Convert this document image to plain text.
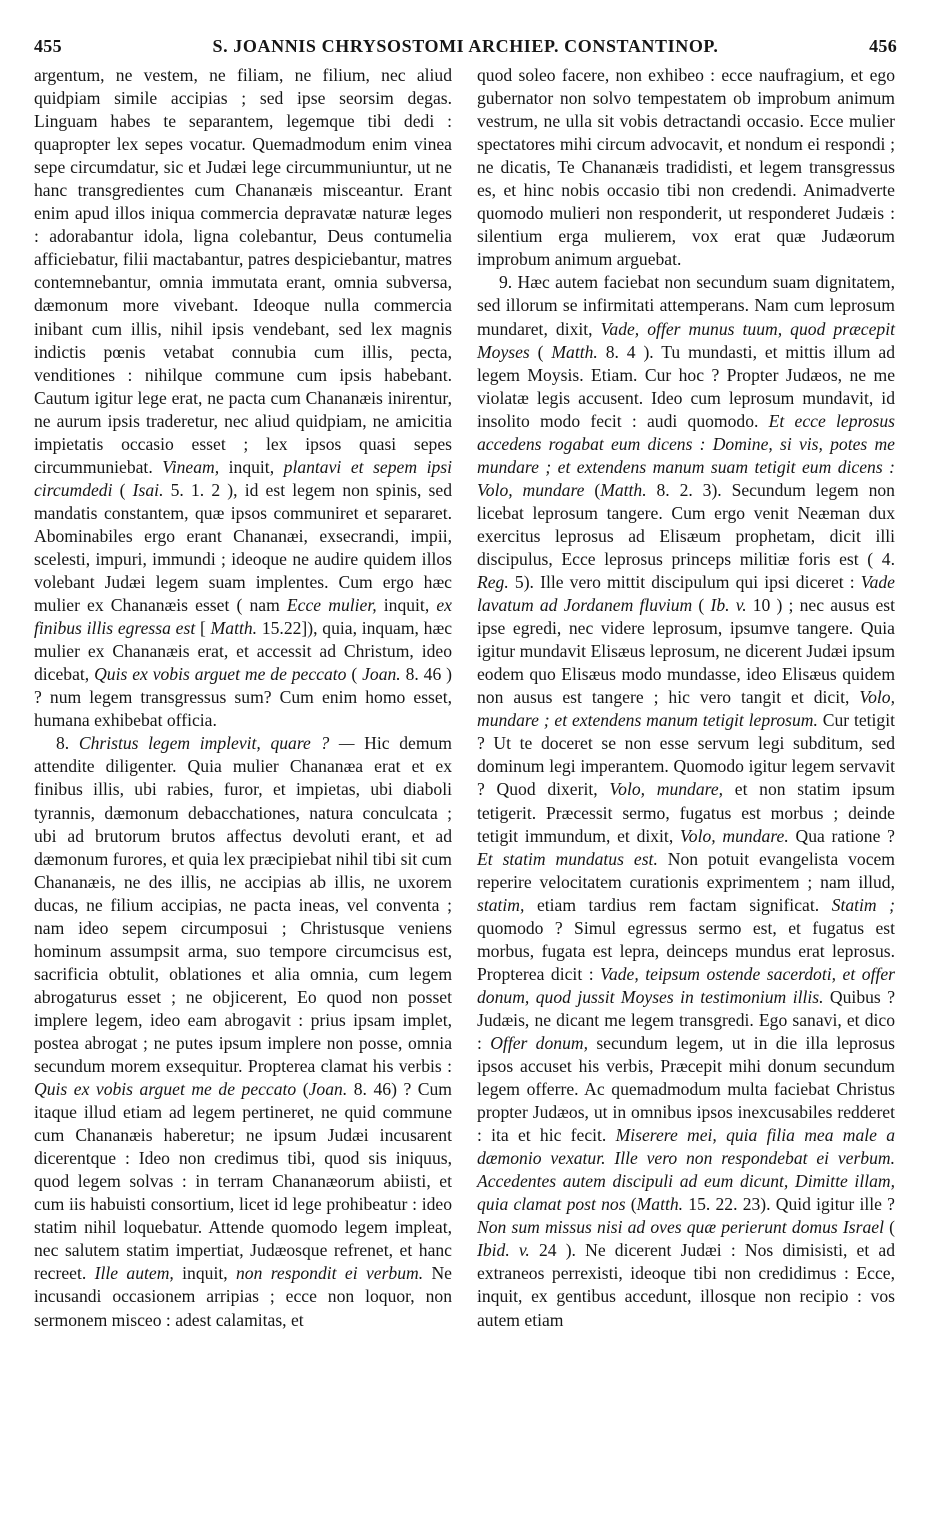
455	S. JOANNIS CHRYSOSTOMI ARCHIEP. CONSTANTINOP.	456

argentum, ne vestem, ne filiam, ne filium, nec aliud quidpiam simile accipias ; sed ipse seorsim degas. Linguam habes te separantem, legemque tibi dedi : quapropter lex sepes vocatur. Quemadmodum enim vinea sepe circumdatur, sic et Judæi lege circummuniuntur, ut ne hanc transgredientes cum Chananæis misceantur. Erant enim apud illos iniqua commercia depravatæ naturæ leges : adorabantur idola, ligna colebantur, Deus contumelia afficiebatur, filii mactabantur, patres despiciebantur, matres contemnebantur, omnia immutata erant, omnia subversa, dæmonum more vivebant. Ideoque nulla commercia inibant cum illis, nihil ipsis vendebant, sed lex magnis indictis pœnis vetabat connubia cum illis, pecta, venditiones : nihilque commune cum ipsis habebant. Cautum igitur lege erat, ne pacta cum Chananæis inirentur, ne aurum ipsis traderetur, nec aliud quidpiam, ne amicitia impietatis occasio esset ; lex ipsos quasi sepes circummuniebat. Vineam, inquit, plantavi et sepem ipsi circumdedi ( Isai. 5. 1. 2 ), id est legem non spinis, sed mandatis constantem, quæ ipsos communiret et separaret. Abominabiles ergo erant Chananæi, exsecrandi, impii, scelesti, impuri, immundi ; ideoque ne audire quidem illos volebant Judæi legem suam implentes. Cum ergo hæc mulier ex Chananæis esset ( nam Ecce mulier, inquit, ex finibus illis egressa est [ Matth. 15.22]), quia, inquam, hæc mulier ex Chananæis erat, et accessit ad Christum, ideo dicebat, Quis ex vobis arguet me de peccato ( Joan. 8. 46 ) ? num legem transgressus sum? Cum enim homo esset, humana exhibebat officia.

8. Christus legem implevit, quare ? — Hic demum attendite diligenter. Quia mulier Chananæa erat et ex finibus illis, ubi rabies, furor, et impietas, ubi diaboli tyrannis, dæmonum debacchationes, natura conculcata ; ubi ad brutorum brutos affectus devoluti erant, et ad dæmonum furores, et quia lex præcipiebat nihil tibi sit cum Chananæis, ne des illis, ne accipias ab illis, ne uxorem ducas, ne filium accipias, ne pacta ineas, vel conventa ; nam ideo sepem circumposui ; Christusque veniens hominum assumpsit arma, suo tempore circumcisus est, sacrificia obtulit, oblationes et alia omnia, cum legem abrogaturus esset ; ne objicerent, Eo quod non posset implere legem, ideo eam abrogavit : prius ipsam implet, postea abrogat ; ne putes ipsum implere non posse, omnia secundum morem exsequitur. Propterea clamat his verbis : Quis ex vobis arguet me de peccato (Joan. 8. 46) ? Cum itaque illud etiam ad legem pertineret, ne quid commune cum Chananæis haberetur; ne ipsum Judæi incusarent dicerentque : Ideo non credimus tibi, quod sis iniquus, quod legem solvas : in terram Chananæorum abiisti, et cum iis habuisti consortium, licet id lege prohibeatur : ideo statim nihil loquebatur. Attende quomodo legem impleat, nec salutem statim impertiat, Judæosque refrenet, et hanc recreet. Ille autem, inquit, non respondit ei verbum. Ne incusandi occasionem arripias ; ecce non loquor, non sermonem misceo : adest calamitas, et

quod soleo facere, non exhibeo : ecce naufragium, et ego gubernator non solvo tempestatem ob improbum animum vestrum, ne ulla sit vobis detractandi occasio. Ecce mulier spectatores mihi circum advocavit, et nondum ei respondi ; ne dicatis, Te Chananæis tradidisti, et legem transgressus es, et hinc nobis occasio tibi non credendi. Animadverte quomodo mulieri non responderit, ut responderet Judæis : silentium erga mulierem, vox erat quæ Judæorum improbum animum arguebat.

9. Hæc autem faciebat non secundum suam dignitatem, sed illorum se infirmitati attemperans. Nam cum leprosum mundaret, dixit, Vade, offer munus tuum, quod præcepit Moyses ( Matth. 8. 4 ). Tu mundasti, et mittis illum ad legem Moysis. Etiam. Cur hoc ? Propter Judæos, ne me violatæ legis accusent. Ideo cum leprosum mundavit, id insolito modo fecit : audi quomodo. Et ecce leprosus accedens rogabat eum dicens : Domine, si vis, potes me mundare ; et extendens manum suam tetigit eum dicens : Volo, mundare (Matth. 8. 2. 3). Secundum legem non licebat leprosum tangere. Cum ergo venit Neæman dux exercitus leprosus ad Elisæum prophetam, dicit illi discipulus, Ecce leprosus princeps militiæ foris est ( 4. Reg. 5). Ille vero mittit discipulum qui ipsi diceret : Vade lavatum ad Jordanem fluvium ( Ib. v. 10 ) ; nec ausus est ipse egredi, nec videre leprosum, ipsumve tangere. Quia igitur mundavit Elisæus leprosum, ne dicerent Judæi ipsum eodem quo Elisæus modo mundasse, ideo Elisæus quidem non ausus est tangere ; hic vero tangit et dicit, Volo, mundare ; et extendens manum tetigit leprosum. Cur tetigit ? Ut te doceret se non esse servum legi subditum, sed dominum legi imperantem. Quomodo igitur legem servavit ? Quod dixerit, Volo, mundare, et non statim ipsum tetigerit. Præcessit sermo, fugatus est morbus ; deinde tetigit immundum, et dixit, Volo, mundare. Qua ratione ? Et statim mundatus est. Non potuit evangelista vocem reperire velocitatem curationis exprimentem ; nam illud, statim, etiam tardius rem factam significat. Statim ; quomodo ? Simul egressus sermo est, et fugatus est morbus, fugata est lepra, deinceps mundus erat leprosus. Propterea dicit : Vade, teipsum ostende sacerdoti, et offer donum, quod jussit Moyses in testimonium illis. Quibus ? Judæis, ne dicant me legem transgredi. Ego sanavi, et dico : Offer donum, secundum legem, ut in die illa leprosus ipsos accuset his verbis, Præcepit mihi donum secundum legem offerre. Ac quemadmodum multa faciebat Christus propter Judæos, ut in omnibus ipsos inexcusabiles redderet : ita et hic fecit. Miserere mei, quia filia mea male a dæmonio vexatur. Ille vero non respondebat ei verbum. Accedentes autem discipuli ad eum dicunt, Dimitte illam, quia clamat post nos (Matth. 15. 22. 23). Quid igitur ille ? Non sum missus nisi ad oves quæ perierunt domus Israel ( Ibid. v. 24 ). Ne dicerent Judæi : Nos dimisisti, et ad extraneos perrexisti, ideoque tibi non credidimus : Ecce, inquit, ex gentibus accedunt, illosque non recipio : vos autem etiam
